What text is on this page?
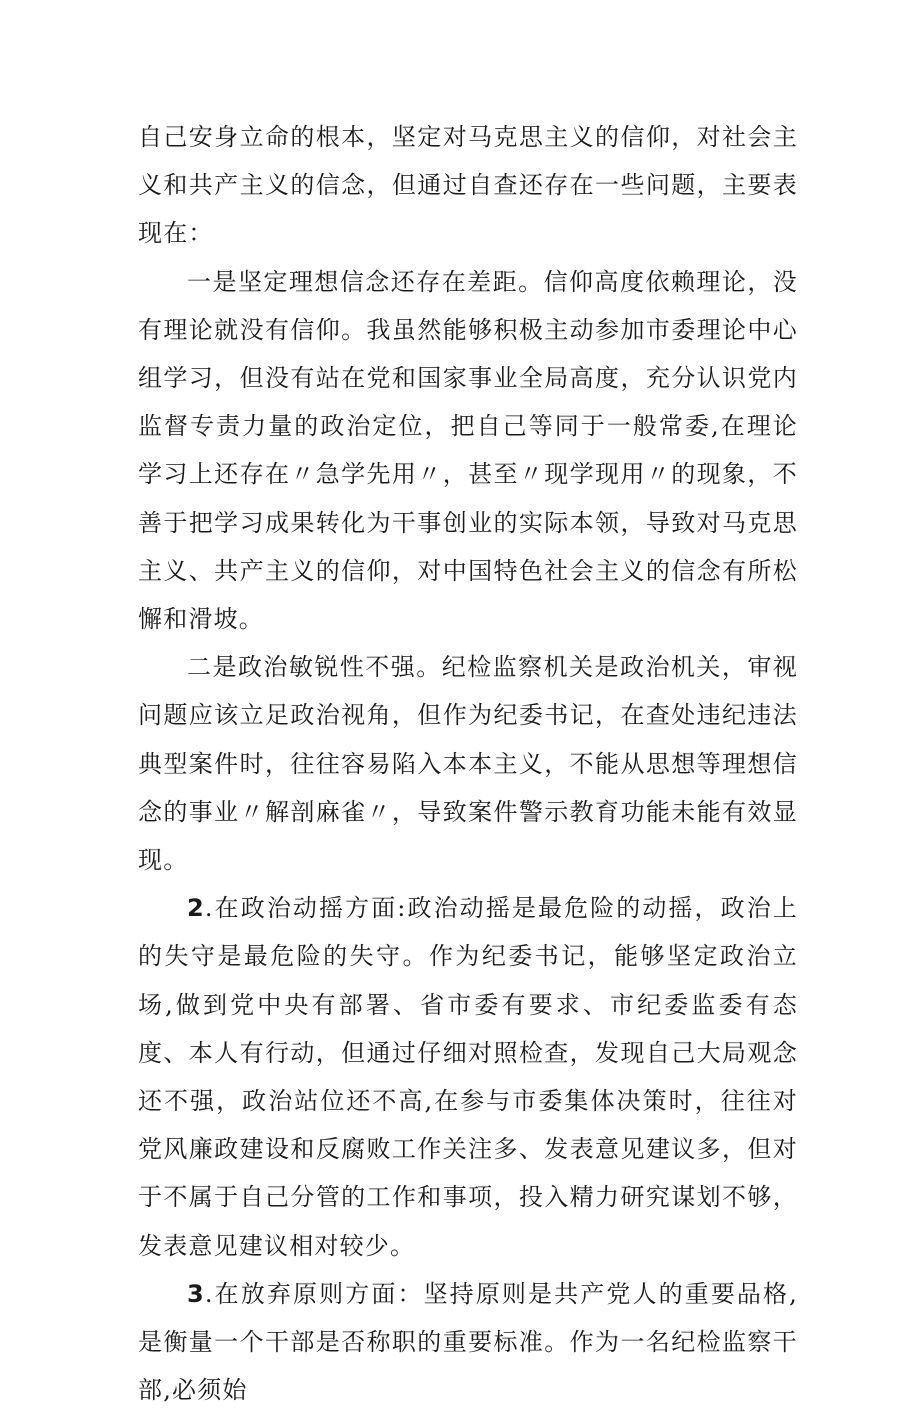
自己安身立命的根本，坚定对马克思主义的信仰，对社会主义和共产主义的信念，但通过自查还存在一些问题，主要表现在：

一是坚定理想信念还存在差距。信仰高度依赖理论，没有理论就没有信仰。我虽然能够积极主动参加市委理论中心组学习，但没有站在党和国家事业全局高度，充分认识党内监督专责力量的政治定位，把自己等同于一般常委,在理论学习上还存在〃急学先用〃，甚至〃现学现用〃的现象，不善于把学习成果转化为干事创业的实际本领，导致对马克思主义、共产主义的信仰，对中国特色社会主义的信念有所松懈和滑坡。

二是政治敏锐性不强。纪检监察机关是政治机关，审视问题应该立足政治视角，但作为纪委书记，在查处违纪违法典型案件时，往往容易陷入本本主义，不能从思想等理想信念的事业〃解剖麻雀〃，导致案件警示教育功能未能有效显现。

2.在政治动摇方面:政治动摇是最危险的动摇，政治上的失守是最危险的失守。作为纪委书记，能够坚定政治立场,做到党中央有部署、省市委有要求、市纪委监委有态度、本人有行动，但通过仔细对照检查，发现自己大局观念还不强，政治站位还不高,在参与市委集体决策时，往往对党风廉政建设和反腐败工作关注多、发表意见建议多，但对于不属于自己分管的工作和事项，投入精力研究谋划不够，发表意见建议相对较少。

3.在放弃原则方面：坚持原则是共产党人的重要品格,是衡量一个干部是否称职的重要标准。作为一名纪检监察干部,必须始
